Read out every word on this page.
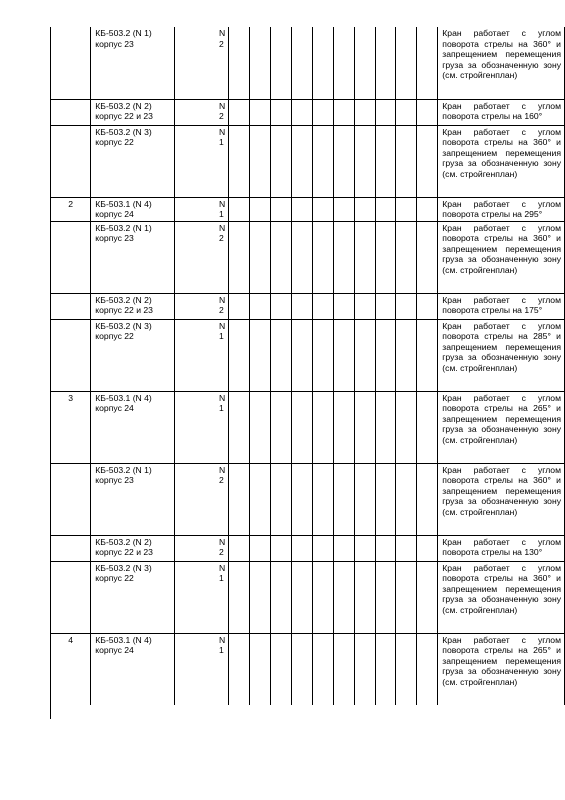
	КБ-503.2 (N 1) корпус 23	N 2											Кран работает с углом поворота стрелы на 360° и запрещением перемещения груза за обозначенную зону (см. стройгенплан)
	КБ-503.2 (N 2) корпус 22 и 23	N 2											Кран работает с углом поворота стрелы на 160°
	КБ-503.2 (N 3) корпус 22	N 1											Кран работает с углом поворота стрелы на 360° и запрещением перемещения груза за обозначенную зону (см. стройгенплан)
2	КБ-503.1 (N 4) корпус 24	N 1											Кран работает с углом поворота стрелы на 295°
	КБ-503.2 (N 1) корпус 23	N 2											Кран работает с углом поворота стрелы на 360° и запрещением перемещения груза за обозначенную зону (см. стройгенплан)
	КБ-503.2 (N 2) корпус 22 и 23	N 2											Кран работает с углом поворота стрелы на 175°
	КБ-503.2 (N 3) корпус 22	N 1											Кран работает с углом поворота стрелы на 285° и запрещением перемещения груза за обозначенную зону (см. стройгенплан)
3	КБ-503.1 (N 4) корпус 24	N 1											Кран работает с углом поворота стрелы на 265° и запрещением перемещения груза за обозначенную зону (см. стройгенплан)
	КБ-503.2 (N 1) корпус 23	N 2											Кран работает с углом поворота стрелы на 360° и запрещением перемещения груза за обозначенную зону (см. стройгенплан)
	КБ-503.2 (N 2) корпус 22 и 23	N 2											Кран работает с углом поворота стрелы на 130°
	КБ-503.2 (N 3) корпус 22	N 1											Кран работает с углом поворота стрелы на 360° и запрещением перемещения груза за обозначенную зону (см. стройгенплан)
4	КБ-503.1 (N 4) корпус 24	N 1											Кран работает с углом поворота стрелы на 265° и запрещением перемещения груза за обозначенную зону (см. стройгенплан)
